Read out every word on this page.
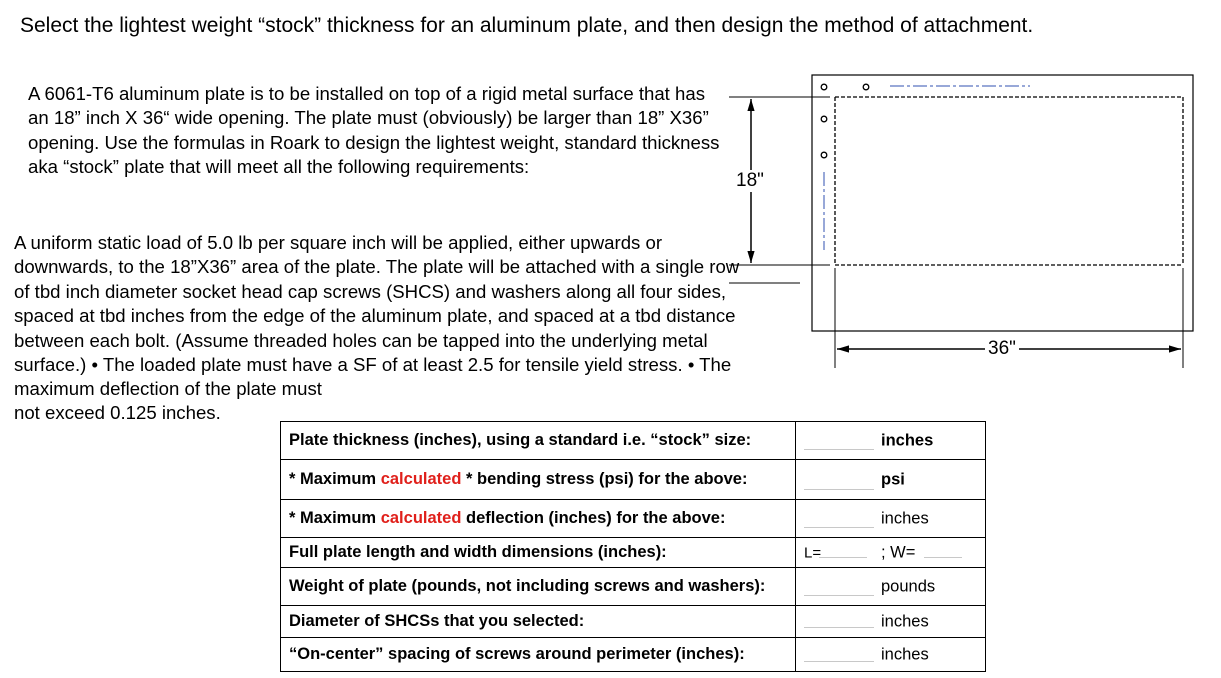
Select the lightest weight “stock” thickness for an aluminum plate, and then design the method of attachment.

A 6061-T6 aluminum plate is to be installed on top of a rigid metal surface that has an 18” inch X 36“ wide opening. The plate must (obviously) be larger than 18” X36” opening. Use the formulas in Roark to design the lightest weight, standard thickness aka “stock” plate that will meet all the following requirements:

A uniform static load of 5.0 lb per square inch will be applied, either upwards or downwards, to the 18”X36” area of the plate. The plate will be attached with a single row of tbd inch diameter socket head cap screws (SHCS) and washers along all four sides, spaced at tbd inches from the edge of the aluminum plate, and spaced at a tbd distance between each bolt. (Assume threaded holes can be tapped into the underlying metal surface.) • The loaded plate must have a SF of at least 2.5 for tensile yield stress. • The maximum deflection of the plate must

not exceed 0.125 inches.

18"
36"
Plate thickness (inches), using a standard i.e. “stock” size:	inches

* Maximum calculated * bending stress (psi) for the above:	psi

* Maximum calculated deflection (inches) for the above:	inches

Full plate length and width dimensions (inches):	L= ; W=

Weight of plate (pounds, not including screws and washers):	pounds

Diameter of SHCSs that you selected:	inches

“On-center” spacing of screws around perimeter (inches):	inches
